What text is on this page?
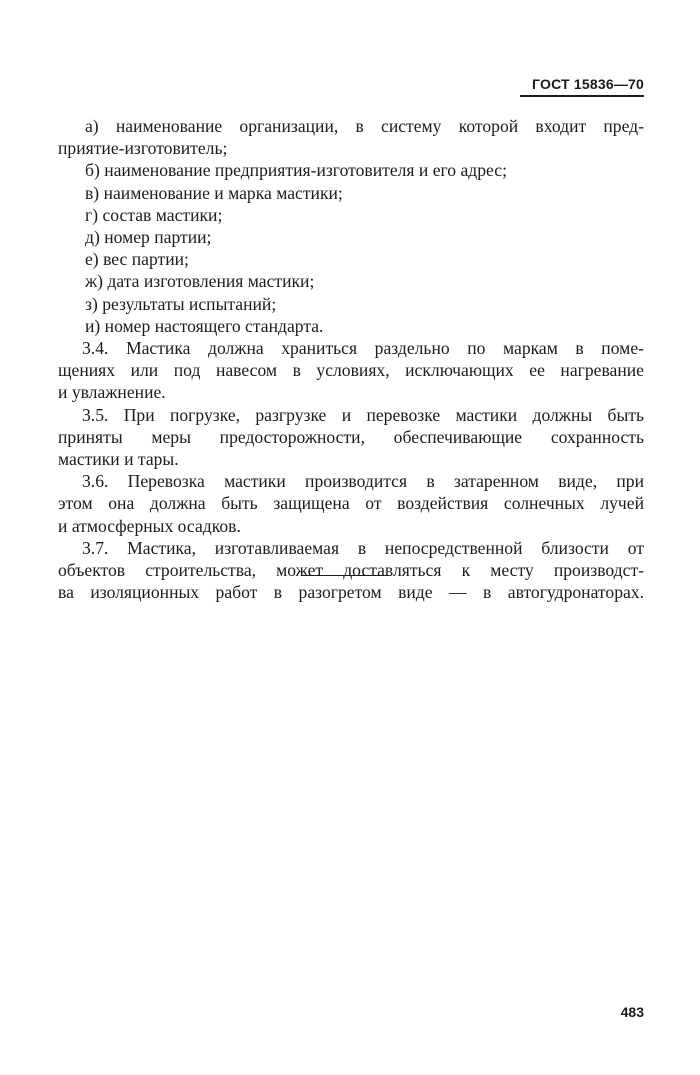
ГОСТ 15836—70
а) наименование организации, в систему которой входит пред-
приятие-изготовитель;
б) наименование предприятия-изготовителя и его адрес;
в) наименование и марка мастики;
г) состав мастики;
д) номер партии;
е) вес партии;
ж) дата изготовления мастики;
з) результаты испытаний;
и) номер настоящего стандарта.
3.4. Мастика должна храниться раздельно по маркам в поме-
щениях или под навесом в условиях, исключающих ее нагревание
и увлажнение.
3.5. При погрузке, разгрузке и перевозке мастики должны быть
приняты меры предосторожности, обеспечивающие сохранность
мастики и тары.
3.6. Перевозка мастики производится в затаренном виде, при
этом она должна быть защищена от воздействия солнечных лучей
и атмосферных осадков.
3.7. Мастика, изготавливаемая в непосредственной близости от
объектов строительства, может доставляться к месту производст-
ва изоляционных работ в разогретом виде — в автогудронаторах.
483
